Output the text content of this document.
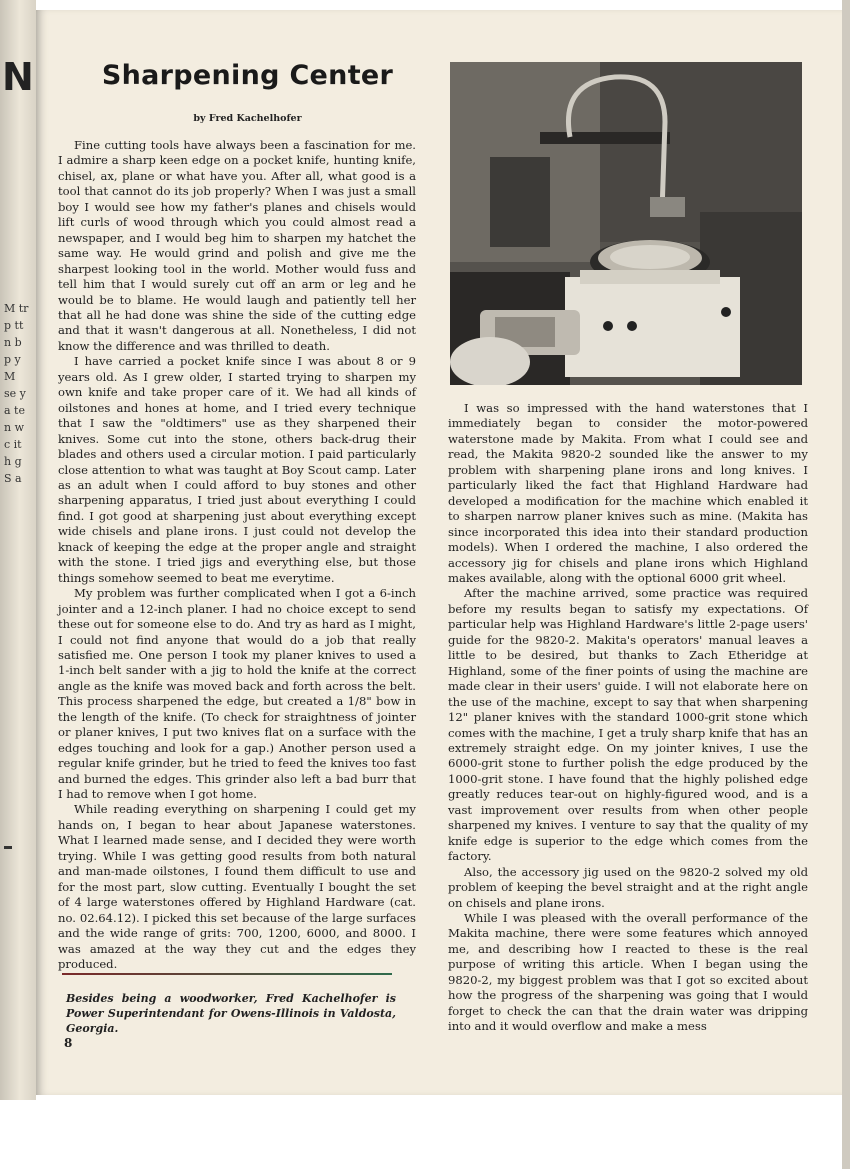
N
M tr p tt n b p y M se y a te n w c it h g S a
Sharpening Center
by Fred Kachelhofer

Fine cutting tools have always been a fascination for me. I admire a sharp keen edge on a pocket knife, hunting knife, chisel, ax, plane or what have you. After all, what good is a tool that cannot do its job properly? When I was just a small boy I would see how my father's planes and chisels would lift curls of wood through which you could almost read a newspaper, and I would beg him to sharpen my hatchet the same way. He would grind and polish and give me the sharpest looking tool in the world. Mother would fuss and tell him that I would surely cut off an arm or leg and he would be to blame. He would laugh and patiently tell her that all he had done was shine the side of the cutting edge and that it wasn't dangerous at all. Nonetheless, I did not know the difference and was thrilled to death.

I have carried a pocket knife since I was about 8 or 9 years old. As I grew older, I started trying to sharpen my own knife and take proper care of it. We had all kinds of oilstones and hones at home, and I tried every technique that I saw the "oldtimers" use as they sharpened their knives. Some cut into the stone, others back-drug their blades and others used a circular motion. I paid particularly close attention to what was taught at Boy Scout camp. Later as an adult when I could afford to buy stones and other sharpening apparatus, I tried just about everything I could find. I got good at sharpening just about everything except wide chisels and plane irons. I just could not develop the knack of keeping the edge at the proper angle and straight with the stone. I tried jigs and everything else, but those things somehow seemed to beat me everytime.

My problem was further complicated when I got a 6-inch jointer and a 12-inch planer. I had no choice except to send these out for someone else to do. And try as hard as I might, I could not find anyone that would do a job that really satisfied me. One person I took my planer knives to used a 1-inch belt sander with a jig to hold the knife at the correct angle as the knife was moved back and forth across the belt. This process sharpened the edge, but created a 1/8" bow in the length of the knife. (To check for straightness of jointer or planer knives, I put two knives flat on a surface with the edges touching and look for a gap.) Another person used a regular knife grinder, but he tried to feed the knives too fast and burned the edges. This grinder also left a bad burr that I had to remove when I got home.

While reading everything on sharpening I could get my hands on, I began to hear about Japanese waterstones. What I learned made sense, and I decided they were worth trying. While I was getting good results from both natural and man-made oilstones, I found them difficult to use and for the most part, slow cutting. Eventually I bought the set of 4 large waterstones offered by Highland Hardware (cat. no. 02.64.12). I picked this set because of the large surfaces and the wide range of grits: 700, 1200, 6000, and 8000. I was amazed at the way they cut and the edges they produced.

Besides being a woodworker, Fred Kachelhofer is Power Superintendant for Owens-Illinois in Valdosta, Georgia.
8

I was so impressed with the hand waterstones that I immediately began to consider the motor-powered waterstone made by Makita. From what I could see and read, the Makita 9820-2 sounded like the answer to my problem with sharpening plane irons and long knives. I particularly liked the fact that Highland Hardware had developed a modification for the machine which enabled it to sharpen narrow planer knives such as mine. (Makita has since incorporated this idea into their standard production models). When I ordered the machine, I also ordered the accessory jig for chisels and plane irons which Highland makes available, along with the optional 6000 grit wheel.

After the machine arrived, some practice was required before my results began to satisfy my expectations. Of particular help was Highland Hardware's little 2-page users' guide for the 9820-2. Makita's operators' manual leaves a little to be desired, but thanks to Zach Etheridge at Highland, some of the finer points of using the machine are made clear in their users' guide. I will not elaborate here on the use of the machine, except to say that when sharpening 12" planer knives with the standard 1000-grit stone which comes with the machine, I get a truly sharp knife that has an extremely straight edge. On my jointer knives, I use the 6000-grit stone to further polish the edge produced by the 1000-grit stone. I have found that the highly polished edge greatly reduces tear-out on highly-figured wood, and is a vast improvement over results from when other people sharpened my knives. I venture to say that the quality of my knife edge is superior to the edge which comes from the factory.

Also, the accessory jig used on the 9820-2 solved my old problem of keeping the bevel straight and at the right angle on chisels and plane irons.

While I was pleased with the overall performance of the Makita machine, there were some features which annoyed me, and describing how I reacted to these is the real purpose of writing this article. When I began using the 9820-2, my biggest problem was that I got so excited about how the progress of the sharpening was going that I would forget to check the can that the drain water was dripping into and it would overflow and make a mess
